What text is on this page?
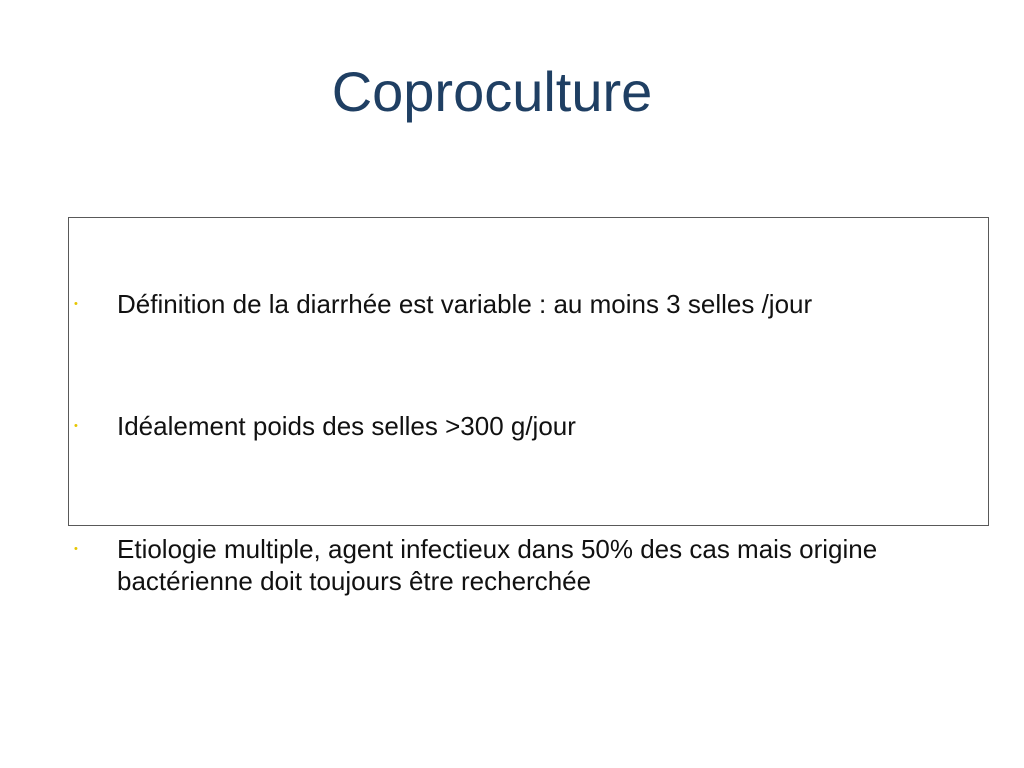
Coproculture
•	Définition de la diarrhée est variable : au moins 3 selles /jour
•	Idéalement poids des selles >300 g/jour
•	Etiologie multiple, agent infectieux dans 50% des cas mais origine bactérienne doit toujours être recherchée
